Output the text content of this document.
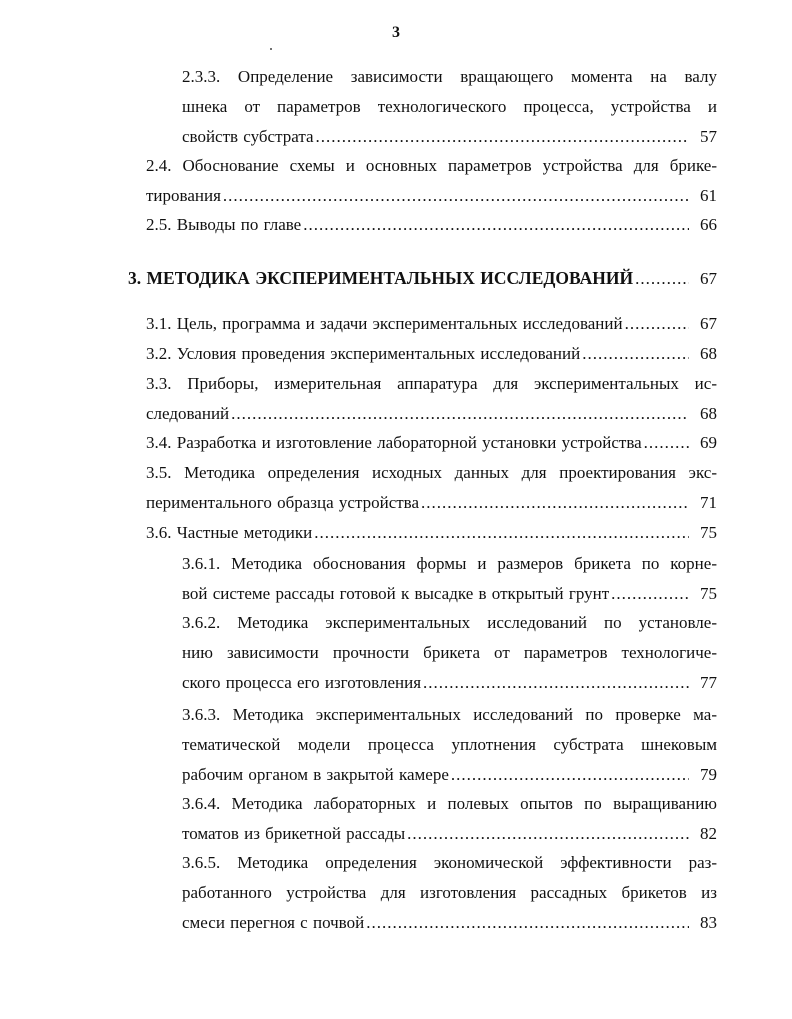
3
2.3.3. Определение зависимости вращающего момента на валу
шнека от параметров технологического процесса, устройства и
свойств субстрата .....	57
2.4. Обоснование схемы и основных параметров устройства для брике-
тирования .....	61
2.5. Выводы по главе .....	66
3. МЕТОДИКА ЭКСПЕРИМЕНТАЛЬНЫХ ИССЛЕДОВАНИЙ .....	67
3.1. Цель, программа и задачи экспериментальных исследований .....	67
3.2. Условия проведения экспериментальных исследований .....	68
3.3. Приборы, измерительная аппаратура для экспериментальных ис-
следований .....	68
3.4. Разработка и изготовление лабораторной установки устройства .....	69
3.5. Методика определения исходных данных для проектирования экс-
периментального образца устройства .....	71
3.6. Частные методики .....	75
3.6.1. Методика обоснования формы и размеров брикета по корне-
вой системе рассады готовой к высадке в открытый грунт .....	75
3.6.2. Методика экспериментальных исследований по установле-
нию зависимости прочности брикета от параметров технологиче-
ского процесса его изготовления .....	77
3.6.3. Методика экспериментальных исследований по проверке ма-
тематической модели процесса уплотнения субстрата шнековым
рабочим органом в закрытой камере .....	79
3.6.4. Методика лабораторных и полевых опытов по выращиванию
томатов из брикетной рассады .....	82
3.6.5. Методика определения экономической эффективности раз-
работанного устройства для изготовления рассадных брикетов из
смеси перегноя с почвой .....	83
